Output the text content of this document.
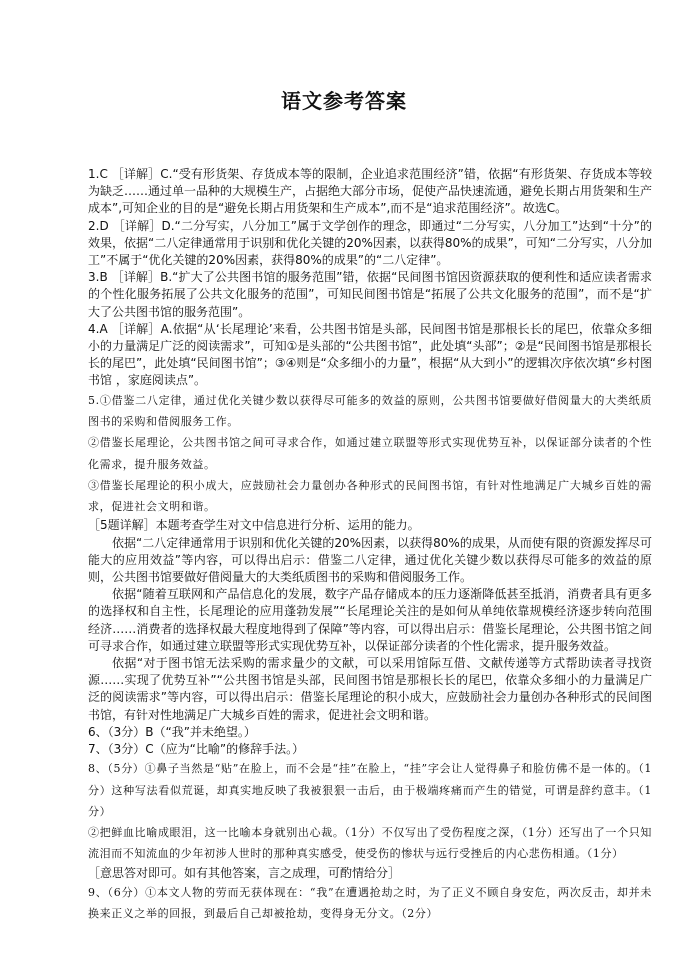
语文参考答案

1.C ［详解］C.“受有形货架、存货成本等的限制，企业追求范围经济”错，依据“有形货架、存货成本等较为缺乏……通过单一品种的大规模生产，占据绝大部分市场，促使产品快速流通，避免长期占用货架和生产成本”,可知企业的目的是“避免长期占用货架和生产成本”,而不是“追求范围经济”。故选C。

2.D ［详解］D.“二分写实，八分加工”属于文学创作的理念，即通过“二分写实，八分加工”达到“十分”的效果，依据“二八定律通常用于识别和优化关键的20%因素，以获得80%的成果”，可知“二分写实，八分加工”不属于“优化关键的20%因素，获得80%的成果”的“二八定律”。

3.B ［详解］B.“扩大了公共图书馆的服务范围”错，依据“民间图书馆因资源获取的便利性和适应读者需求的个性化服务拓展了公共文化服务的范围”，可知民间图书馆是“拓展了公共文化服务的范围”，而不是“扩大了公共图书馆的服务范围”。

4.A ［详解］A.依据“从‘长尾理论’来看，公共图书馆是头部，民间图书馆是那根长长的尾巴，依靠众多细小的力量满足广泛的阅读需求”，可知①是头部的“公共图书馆”，此处填“头部”；②是“民间图书馆是那根长长的尾巴”，此处填“民间图书馆”；③④则是“众多细小的力量”，根据“从大到小”的逻辑次序依次填“乡村图书馆 ，家庭阅读点”。

5.①借鉴二八定律，通过优化关键少数以获得尽可能多的效益的原则，公共图书馆要做好借阅量大的大类纸质图书的采购和借阅服务工作。

②借鉴长尾理论，公共图书馆之间可寻求合作，如通过建立联盟等形式实现优势互补，以保证部分读者的个性化需求，提升服务效益。

③借鉴长尾理论的积小成大，应鼓励社会力量创办各种形式的民间图书馆，有针对性地满足广大城乡百姓的需求，促进社会文明和谐。

［5题详解］本题考查学生对文中信息进行分析、运用的能力。

依据“二八定律通常用于识别和优化关键的20%因素，以获得80%的成果，从而使有限的资源发挥尽可能大的应用效益”等内容，可以得出启示：借鉴二八定律，通过优化关键少数以获得尽可能多的效益的原则，公共图书馆要做好借阅量大的大类纸质图书的采购和借阅服务工作。

依据“随着互联网和产品信息化的发展，数字产品存储成本的压力逐渐降低甚至抵消，消费者具有更多的选择权和自主性，长尾理论的应用蓬勃发展”“长尾理论关注的是如何从单纯依靠规模经济逐步转向范围经济……消费者的选择权最大程度地得到了保障”等内容，可以得出启示：借鉴长尾理论，公共图书馆之间可寻求合作，如通过建立联盟等形式实现优势互补，以保证部分读者的个性化需求，提升服务效益。

依据“对于图书馆无法采购的需求量少的文献，可以采用馆际互借、文献传递等方式帮助读者寻找资源……实现了优势互补”“公共图书馆是头部，民间图书馆是那根长长的尾巴，依靠众多细小的力量满足广泛的阅读需求”等内容，可以得出启示：借鉴长尾理论的积小成大，应鼓励社会力量创办各种形式的民间图书馆，有针对性地满足广大城乡百姓的需求，促进社会文明和谐。

6、（3分）B（“我”并未绝望。）

7、（3分）C（应为“比喻”的修辞手法。）

8、（5分）①鼻子当然是“贴”在脸上，而不会是“挂”在脸上，“挂”字会让人觉得鼻子和脸仿佛不是一体的。（1分）这种写法看似荒诞，却真实地反映了我被狠狠一击后，由于极端疼痛而产生的错觉，可谓是辞约意丰。（1分）

②把鲜血比喻成眼泪，这一比喻本身就别出心裁。（1分）不仅写出了受伤程度之深，（1分）还写出了一个只知流泪而不知流血的少年初涉人世时的那种真实感受，使受伤的惨状与远行受挫后的内心悲伤相通。（1分）

［意思答对即可。如有其他答案，言之成理，可酌情给分］

9、（6分）①本文人物的劳而无获体现在：“我”在遭遇抢劫之时，为了正义不顾自身安危，两次反击，却并未换来正义之举的回报，到最后自己却被抢劫，变得身无分文。（2分）
